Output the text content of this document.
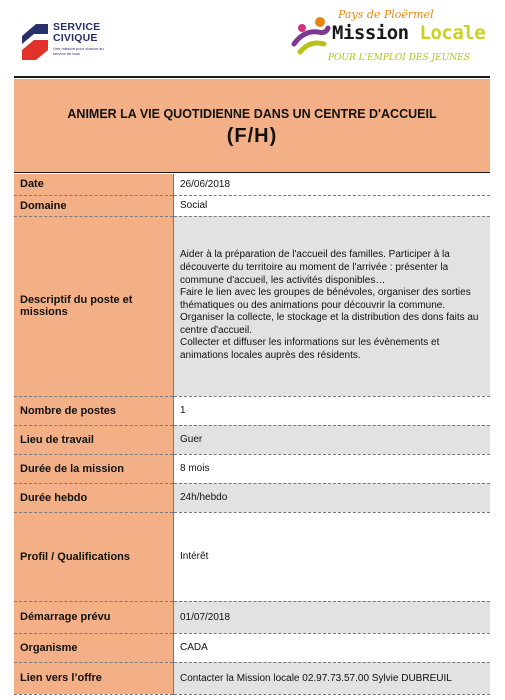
SERVICE
CIVIQUE
Une mission pour chacun au service de tous
Pays de Ploërmel
Mission Locale
POUR L'EMPLOI DES JEUNES
ANIMER LA VIE QUOTIDIENNE DANS UN CENTRE D'ACCUEIL
(F/H)
Date	26/06/2018
Domaine	Social
Descriptif du poste et missions	Aider à la préparation de l'accueil des familles. Participer à la découverte du territoire au moment de l'arrivée : présenter la commune d'accueil, les activités disponibles…
Faire le lien avec les groupes de bénévoles, organiser des sorties thématiques ou des animations pour découvrir la commune.
Organiser la collecte, le stockage et la distribution des dons faits au centre d'accueil.
Collecter et diffuser les informations sur les évènements et animations locales auprès des résidents.
Nombre de postes	1
Lieu de travail	Guer
Durée de la mission	8 mois
Durée hebdo	24h/hebdo
Profil / Qualifications	Intérêt
Démarrage prévu	01/07/2018
Organisme	CADA
Lien vers l’offre	Contacter la Mission locale 02.97.73.57.00 Sylvie DUBREUIL
